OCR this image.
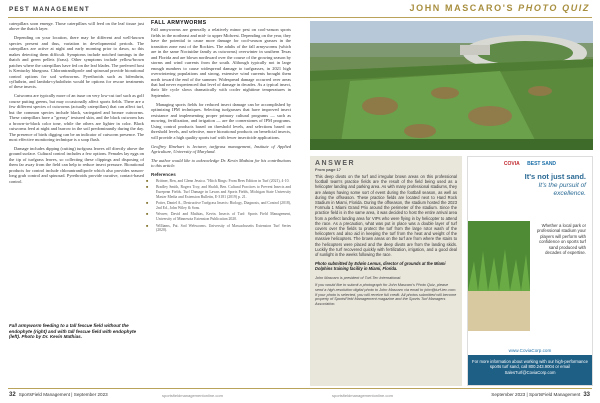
PEST MANAGEMENT	JOHN MASCARO'S PHOTO QUIZ

caterpillars soon emerge. Those caterpillars will feed on the leaf tissue just above the thatch layer.

Depending on your location, there may be different and well-known species present and thus, variation in developmental periods. The caterpillars are active at night and early morning prior to dawn, so this makes detecting them difficult. Symptoms include notched turnings in the thatch and green pellets (frass). Other symptoms include yellow/brown patches where the caterpillars have fed on the leaf blades. The preferred host is Kentucky bluegrass. Chlorantraniliprole and spinosad provide biorational control options for sod webworms. Pyrethroids such as bifenthrin, cyfluthrin, and lambda-cyhalothrin would be options for rescue treatments of these insects.

Cutworms are typically more of an issue on very low-cut turf such as golf course putting greens, but may occasionally affect sports fields. There are a few different species of cutworms (actually caterpillars) that can affect turf, but the common species include black, variegated and bronze cutworms. These caterpillars have a "greasy" textured skin, and the black cutworm has a brown-to-black color tone, while the others are lighter in color. Black cutworms feed at night and burrow in the soil predominantly during the day. The presence of birds digging can be an indicator of cutworm presence. The most effective monitoring technique is a soap flush.

Damage includes dipping (cutting) turfgrass leaves off directly above the ground surface. Cultural control includes a few options. Females lay eggs on the tip of turfgrass leaves, so collecting these clippings and disposing of them far away from the field can help to reduce insect pressure. Biorational products for control include chlorantraniliprole which also provides season-long grub control and spinosad. Pyrethroids provide curative, contact-based control.

Fall armyworm feeding to a tall fescue field without the endophyte (right) and with tall fescue field with endophyte (left). Photo by Dr. Kevin Mathias.
FALL ARMYWORMS

Fall armyworms are generally a relatively minor pest on cool-season sports fields in the northeast and mid- to upper Midwest. Depending on the year, they have the potential to cause more damage for cool-season grasses in the transition zone east of the Rockies. The adults of the fall armyworms (which are in the same Noctuidae family as cutworms) overwinter in southern Texas and Florida and are blown northward over the course of the growing season by storms and wind currents from the south. Although typically not in large enough numbers to cause widespread damage to turfgrasses, in 2021 high overwintering populations and strong, extensive wind currents brought them north toward the end of the summer. Widespread damage occurred over areas that had never experienced that level of damage in decades. As a typical insect, their life cycle slows dramatically with cooler nighttime temperatures in September.

Managing sports fields for reduced insect damage can be accomplished by optimizing IPM techniques. Selecting turfgrasses that have improved insect resistance and implementing proper primary cultural programs — such as mowing, fertilization, and irrigation — are the cornerstones of IPM programs. Using control products based on threshold levels, and selections based on threshold levels, and selective, more biorational products on beneficial insects, will provide a high quality sports turf with fewer insecticide applications.

Geoffrey Rinehart is lecturer, turfgrass management, Institute of Applied Agriculture, University of Maryland.

The author would like to acknowledge Dr. Kevin Mathias for his contributions to this article.

References
■ Brittner, Ben, and Glenn Jessica. "Hitch Rings: From Bees Edition in Turf (2021), 4-10.
■ Bradley Smith, Rogers Troy, and Shaldi, Ben. Cultural Practices to Prevent Insects and Eurepean Fields. Turf Damage in Lawns and Sports Fields, Michigan State University Master Media and Extension Bulletin, E-3181 (2019) p. 21.
■ Potter, Daniel A., Destructive Turfgrass Insects: Biology, Diagnosis, and Control (2018), 2nd Ed., John Wiley & Sons.
■ Weaver, David and Mathias, Kevin. Insects of Turf: Sports Field Management, University of Minnesota Extension Publication 2020.
■ Williams, Pat. Sod Webworms. University of Massachusetts Extension Turf Series (2020).
ANSWER
From page 17
This deep divots on the turf and irregular brown areas on this professional football team's practice fields are the result of the field being used as a helicopter landing and parking area. As with many professional stadiums, they are always having some sort of event during the football season, as well as during the offseason. These practice fields are located next to Hard Rock Stadium in Miami, Florida. During the offseason, the stadium hosted the 2023 Formula 1 Miami Grand Prix around the perimeter of the stadium. Since the practice field is in the same area, it was decided to host the entire arrival area from a perfect landing area for VIPs who were flying in by helicopter to attend the race. As a precaution, what was put in place was a double layer of turf covers over the fields to protect the turf from the large rotor wash of the helicopters and also aid in keeping the turf from the heat and weight of the massive helicopters. The brown areas on the turf are from where the stairs to the helicopters were placed and the deep divots are from the landing skids. Luckily the turf recovered quickly with fertilization, irrigation, and a good deal of sunlight in the weeks following the race.
Photo submitted by Edwin Lemus, director of grounds at the Miami Dolphins training facility in Miami, Florida.
John Mascaro is president of Turf-Tec International.
If you would like to submit a photograph for John Mascaro's Photo Quiz, please send a high-resolution digital photo to John Mascaro via email to john@turf-tec.com. If your photo is selected, you will receive full credit. All photos submitted will become property of SportsField Management magazine and the Sports Turf Managers Association.
COVIA BEST SAND
It's not just sand.
It's the pursuit of excellence.
Whether a local park or professional stadium your players will perform with confidence on sports turf sand produced with decades of expertise.
www.CoviaCorp.com
For more information about working with our high-performance sports turf sand, call 800.243.9004 or email SalesTurf@CoviaCorp.com
32 SportsField Management | September 2023	sportsfieldmanagementonline.com	sportsfieldmanagementonline.com	September 2023 | SportsField Management 33
